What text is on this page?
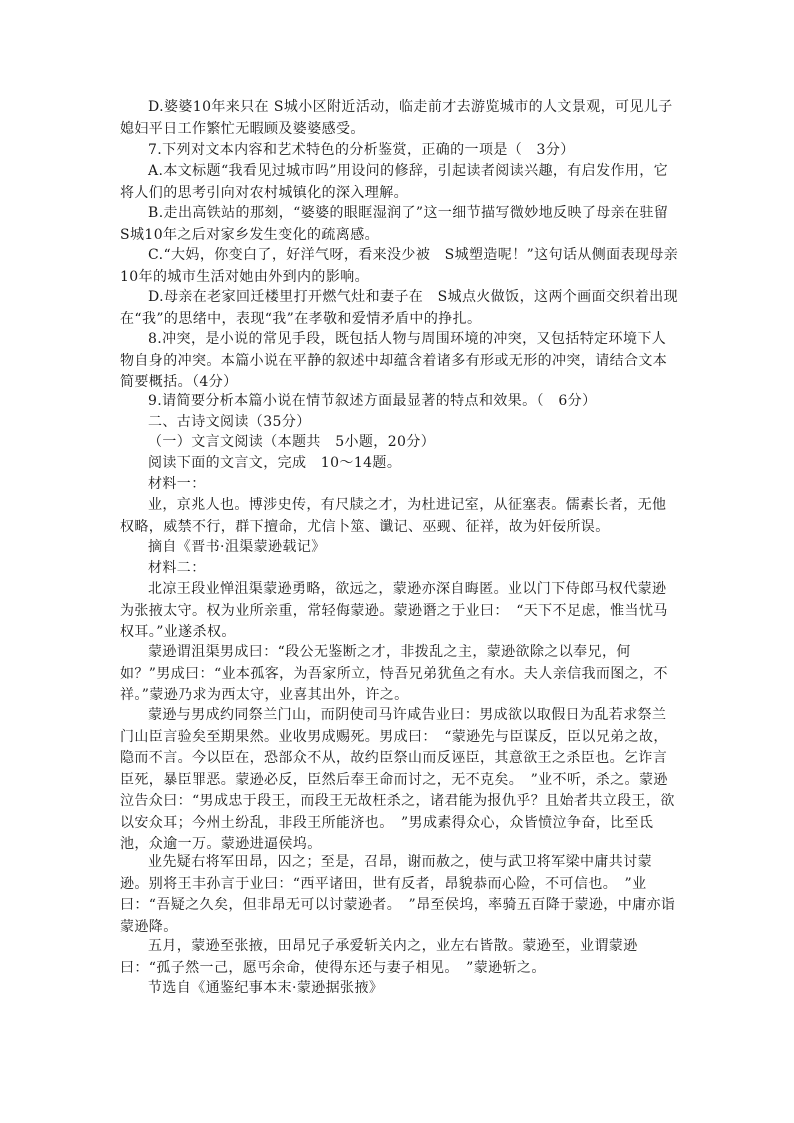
D.婆婆10年来只在 S城小区附近活动，临走前才去游览城市的人文景观，可见儿子媳妇平日工作繁忙无暇顾及婆婆感受。

7.下列对文本内容和艺术特色的分析鉴赏，正确的一项是（　3分）

A.本文标题“我看见过城市吗”用设问的修辞，引起读者阅读兴趣，有启发作用，它将人们的思考引向对农村城镇化的深入理解。

B.走出高铁站的那刻，“婆婆的眼眶湿润了”这一细节描写微妙地反映了母亲在驻留 S城10年之后对家乡发生变化的疏离感。

C.“大妈，你变白了，好洋气呀，看来没少被　S城塑造呢！”这句话从侧面表现母亲10年的城市生活对她由外到内的影响。

D.母亲在老家回迁楼里打开燃气灶和妻子在　S城点火做饭，这两个画面交织着出现在“我”的思绪中，表现“我”在孝敬和爱情矛盾中的挣扎。

8.冲突，是小说的常见手段，既包括人物与周围环境的冲突，又包括特定环境下人物自身的冲突。本篇小说在平静的叙述中却蕴含着诸多有形或无形的冲突，请结合文本简要概括。（4分）

9.请简要分析本篇小说在情节叙述方面最显著的特点和效果。（　6分）

二、古诗文阅读（35分）

（一）文言文阅读（本题共　5小题，20分）

阅读下面的文言文，完成　10～14题。

材料一：

业，京兆人也。博涉史传，有尺牍之才，为杜进记室，从征塞表。儒素长者，无他权略，威禁不行，群下擅命，尤信卜筮、谶记、巫觋、征祥，故为奸佞所误。

摘自《晋书·沮渠蒙逊载记》

材料二：

北凉王段业惮沮渠蒙逊勇略，欲远之，蒙逊亦深自晦匿。业以门下侍郎马权代蒙逊为张掖太守。权为业所亲重，常轻侮蒙逊。蒙逊谮之于业曰：　“天下不足虑，惟当忧马权耳。”业遂杀权。

蒙逊谓沮渠男成曰：“段公无鉴断之才，非拨乱之主，蒙逊欲除之以奉兄，何如？”男成曰：“业本孤客，为吾家所立，恃吾兄弟犹鱼之有水。夫人亲信我而图之，不祥。”蒙逊乃求为西太守，业喜其出外，许之。

蒙逊与男成约同祭兰门山，而阴使司马许咸告业曰：男成欲以取假日为乱若求祭兰门山臣言验矣至期果然。业收男成赐死。男成曰：　“蒙逊先与臣谋反，臣以兄弟之故，隐而不言。今以臣在，恐部众不从，故约臣祭山而反诬臣，其意欲王之杀臣也。乞诈言臣死，暴臣罪恶。蒙逊必反，臣然后奉王命而讨之，无不克矣。　”业不听，杀之。蒙逊泣告众曰：“男成忠于段王，而段王无故枉杀之，诸君能为报仇乎？且始者共立段王，欲以安众耳；今州土纷乱，非段王所能济也。　”男成素得众心，众皆愤泣争奋，比至氐池，众逾一万。蒙逊进逼侯坞。

业先疑右将军田昂，囚之；至是，召昂，谢而赦之，使与武卫将军梁中庸共讨蒙逊。别将王丰孙言于业曰：“西平诸田，世有反者，昂貌恭而心险，不可信也。　”业曰：“吾疑之久矣，但非昂无可以讨蒙逊者。　”昂至侯坞，率骑五百降于蒙逊，中庸亦诣蒙逊降。

五月，蒙逊至张掖，田昂兄子承爱斩关内之，业左右皆散。蒙逊至，业谓蒙逊曰：“孤子然一己，愿丐余命，使得东还与妻子相见。　”蒙逊斩之。

节选自《通鉴纪事本末·蒙逊据张掖》
